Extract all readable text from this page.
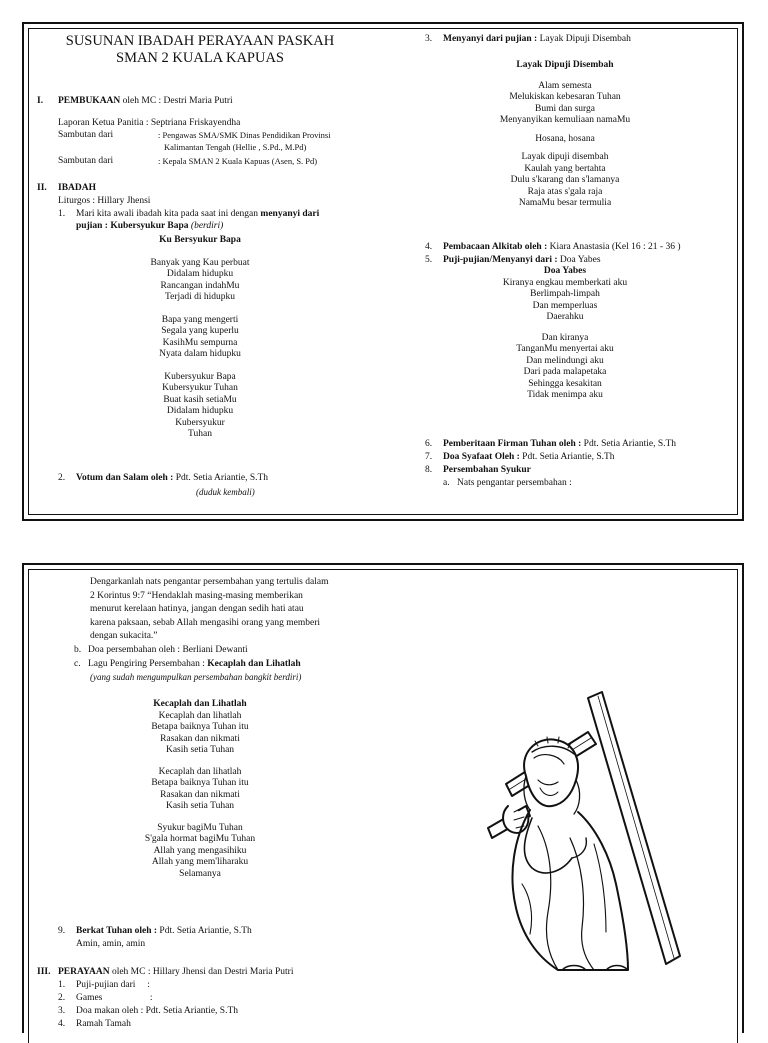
SUSUNAN IBADAH PERAYAAN PASKAH
SMAN 2 KUALA KAPUAS
I. PEMBUKAAN oleh MC : Destri Maria Putri
Laporan Ketua Panitia : Septriana Friskayendha
Sambutan dari	: Pengawas SMA/SMK Dinas Pendidikan Provinsi
Kalimantan Tengah (Hellie , S.Pd., M.Pd)
Sambutan dari	: Kepala SMAN 2 Kuala Kapuas (Asen, S. Pd)
II. IBADAH
Liturgos : Hillary Jhensi
1. Mari kita awali ibadah kita pada saat ini dengan menyanyi dari
pujian : Kubersyukur Bapa (berdiri)
Ku Bersyukur Bapa
Banyak yang Kau perbuat
Didalam hidupku
Rancangan indahMu
Terjadi di hidupku
Bapa yang mengerti
Segala yang kuperlu
KasihMu sempurna
Nyata dalam hidupku
Kubersyukur Bapa
Kubersyukur Tuhan
Buat kasih setiaMu
Didalam hidupku
Kubersyukur
Tuhan
2. Votum dan Salam oleh : Pdt. Setia Ariantie, S.Th
(duduk kembali)
3. Menyanyi dari pujian : Layak Dipuji Disembah
Layak Dipuji Disembah
Alam semesta
Melukiskan kebesaran Tuhan
Bumi dan surga
Menyanyikan kemuliaan namaMu
Hosana, hosana
Layak dipuji disembah
Kaulah yang bertahta
Dulu s'karang dan s'lamanya
Raja atas s'gala raja
NamaMu besar termulia
4. Pembacaan Alkitab oleh : Kiara Anastasia (Kel 16 : 21 - 36 )
5. Puji-pujian/Menyanyi dari : Doa Yabes
Doa Yabes
Kiranya engkau memberkati aku
Berlimpah-limpah
Dan memperluas
Daerahku
Dan kiranya
TanganMu menyertai aku
Dan melindungi aku
Dari pada malapetaka
Sehingga kesakitan
Tidak menimpa aku
6. Pemberitaan Firman Tuhan oleh : Pdt. Setia Ariantie, S.Th
7. Doa Syafaat Oleh : Pdt. Setia Ariantie, S.Th
8. Persembahan Syukur
a. Nats pengantar persembahan :
Dengarkanlah nats pengantar persembahan yang tertulis dalam
2 Korintus 9:7 “Hendaklah masing-masing memberikan
menurut kerelaan hatinya, jangan dengan sedih hati atau
karena paksaan, sebab Allah mengasihi orang yang memberi
dengan sukacita.”
b. Doa persembahan oleh : Berliani Dewanti
c. Lagu Pengiring Persembahan : Kecaplah dan Lihatlah
(yang sudah mengumpulkan persembahan bangkit berdiri)
Kecaplah dan Lihatlah
Kecaplah dan lihatlah
Betapa baiknya Tuhan itu
Rasakan dan nikmati
Kasih setia Tuhan
Kecaplah dan lihatlah
Betapa baiknya Tuhan itu
Rasakan dan nikmati
Kasih setia Tuhan
Syukur bagiMu Tuhan
S'gala hormat bagiMu Tuhan
Allah yang mengasihiku
Allah yang mem'liharaku
Selamanya
9. Berkat Tuhan oleh : Pdt. Setia Ariantie, S.Th
Amin, amin, amin
III. PERAYAAN oleh MC : Hillary Jhensi dan Destri Maria Putri
1. Puji-pujian dari     :
2. Games                    :
3. Doa makan oleh : Pdt. Setia Ariantie, S.Th
4. Ramah Tamah
